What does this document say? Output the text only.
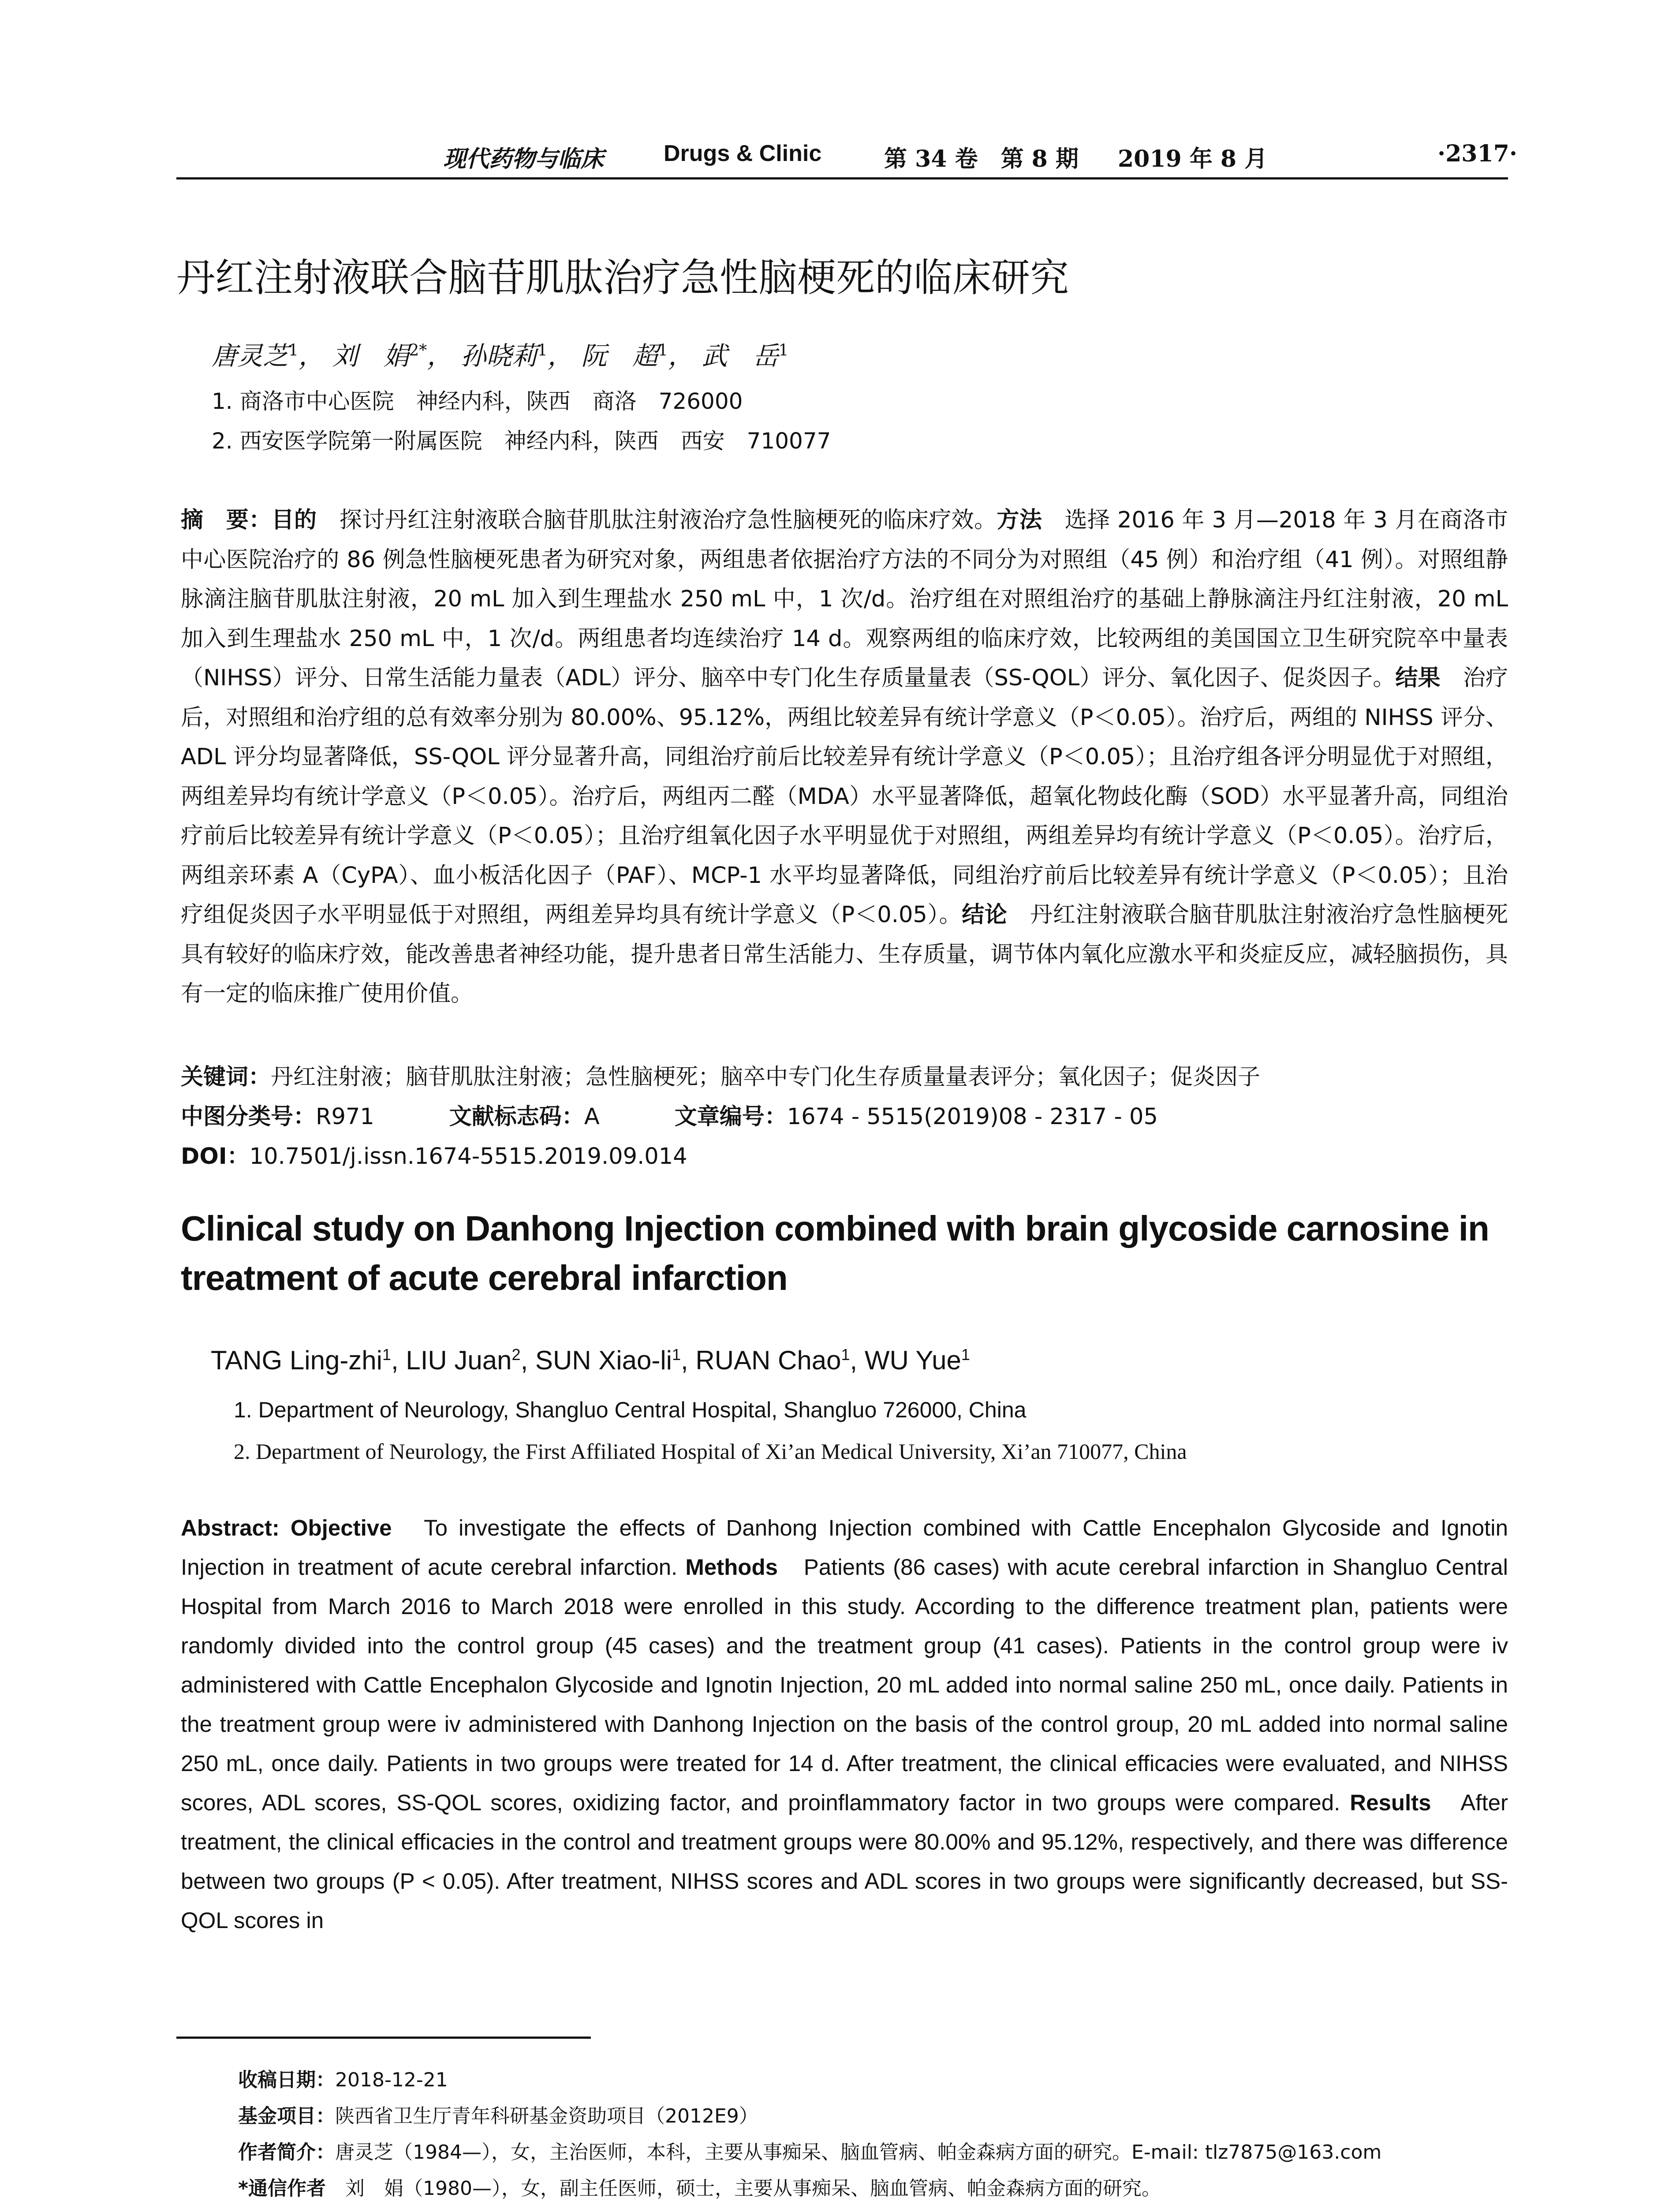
现代药物与临床	Drugs & Clinic	第 34 卷　第 8 期 2019 年 8 月	·2317·
丹红注射液联合脑苷肌肽治疗急性脑梗死的临床研究
唐灵芝$^1$， 刘　娟$^{2*}$， 孙晓莉$^1$， 阮　超$^1$， 武　岳$^1$
1. 商洛市中心医院　神经内科，陕西　商洛　726000
2. 西安医学院第一附属医院　神经内科，陕西　西安　710077
摘　要：目的　探讨丹红注射液联合脑苷肌肽注射液治疗急性脑梗死的临床疗效。方法　选择 2016 年 3 月—2018 年 3 月在商洛市中心医院治疗的 86 例急性脑梗死患者为研究对象，两组患者依据治疗方法的不同分为对照组（45 例）和治疗组（41 例）。对照组静脉滴注脑苷肌肽注射液，20 mL 加入到生理盐水 250 mL 中，1 次/d。治疗组在对照组治疗的基础上静脉滴注丹红注射液，20 mL 加入到生理盐水 250 mL 中，1 次/d。两组患者均连续治疗 14 d。观察两组的临床疗效，比较两组的美国国立卫生研究院卒中量表（NIHSS）评分、日常生活能力量表（ADL）评分、脑卒中专门化生存质量量表（SS-QOL）评分、氧化因子、促炎因子。结果　治疗后，对照组和治疗组的总有效率分别为 80.00%、95.12%，两组比较差异有统计学意义（P＜0.05）。治疗后，两组的 NIHSS 评分、ADL 评分均显著降低，SS-QOL 评分显著升高，同组治疗前后比较差异有统计学意义（P＜0.05）；且治疗组各评分明显优于对照组，两组差异均有统计学意义（P＜0.05）。治疗后，两组丙二醛（MDA）水平显著降低，超氧化物歧化酶（SOD）水平显著升高，同组治疗前后比较差异有统计学意义（P＜0.05）；且治疗组氧化因子水平明显优于对照组，两组差异均有统计学意义（P＜0.05）。治疗后，两组亲环素 A（CyPA）、血小板活化因子（PAF）、MCP-1 水平均显著降低，同组治疗前后比较差异有统计学意义（P＜0.05）；且治疗组促炎因子水平明显低于对照组，两组差异均具有统计学意义（P＜0.05）。结论　丹红注射液联合脑苷肌肽注射液治疗急性脑梗死具有较好的临床疗效，能改善患者神经功能，提升患者日常生活能力、生存质量，调节体内氧化应激水平和炎症反应，减轻脑损伤，具有一定的临床推广使用价值。
关键词：丹红注射液；脑苷肌肽注射液；急性脑梗死；脑卒中专门化生存质量量表评分；氧化因子；促炎因子
中图分类号：R971	文献标志码：A	文章编号：1674 - 5515(2019)08 - 2317 - 05
DOI：10.7501/j.issn.1674-5515.2019.09.014
Clinical study on Danhong Injection combined with brain glycoside carnosine in treatment of acute cerebral infarction
TANG Ling-zhi$^1$, LIU Juan$^2$, SUN Xiao-$li^1$, RUAN Chao$^1$, WU Yue$^1$
1. Department of Neurology, Shangluo Central Hospital, Shangluo 726000, China
2. Department of Neurology, the First Affiliated Hospital of Xi’an Medical University, Xi’an 710077, China
Abstract: Objective　To investigate the effects of Danhong Injection combined with Cattle Encephalon Glycoside and Ignotin Injection in treatment of acute cerebral infarction. Methods　Patients (86 cases) with acute cerebral infarction in Shangluo Central Hospital from March 2016 to March 2018 were enrolled in this study. According to the difference treatment plan, patients were randomly divided into the control group (45 cases) and the treatment group (41 cases). Patients in the control group were iv administered with Cattle Encephalon Glycoside and Ignotin Injection, 20 mL added into normal saline 250 mL, once daily. Patients in the treatment group were iv administered with Danhong Injection on the basis of the control group, 20 mL added into normal saline 250 mL, once daily. Patients in two groups were treated for 14 d. After treatment, the clinical efficacies were evaluated, and NIHSS scores, ADL scores, SS-QOL scores, oxidizing factor, and proinflammatory factor in two groups were compared. Results　After treatment, the clinical efficacies in the control and treatment groups were 80.00% and 95.12%, respectively, and there was difference between two groups (P < 0.05). After treatment, NIHSS scores and ADL scores in two groups were significantly decreased, but SS-QOL scores in
收稿日期：2018-12-21
基金项目：陕西省卫生厅青年科研基金资助项目（2012E9）
作者简介：唐灵芝（1984—），女，主治医师，本科，主要从事痴呆、脑血管病、帕金森病方面的研究。E-mail: tlz7875@163.com
*通信作者　刘　娟（1980—），女，副主任医师，硕士，主要从事痴呆、脑血管病、帕金森病方面的研究。
